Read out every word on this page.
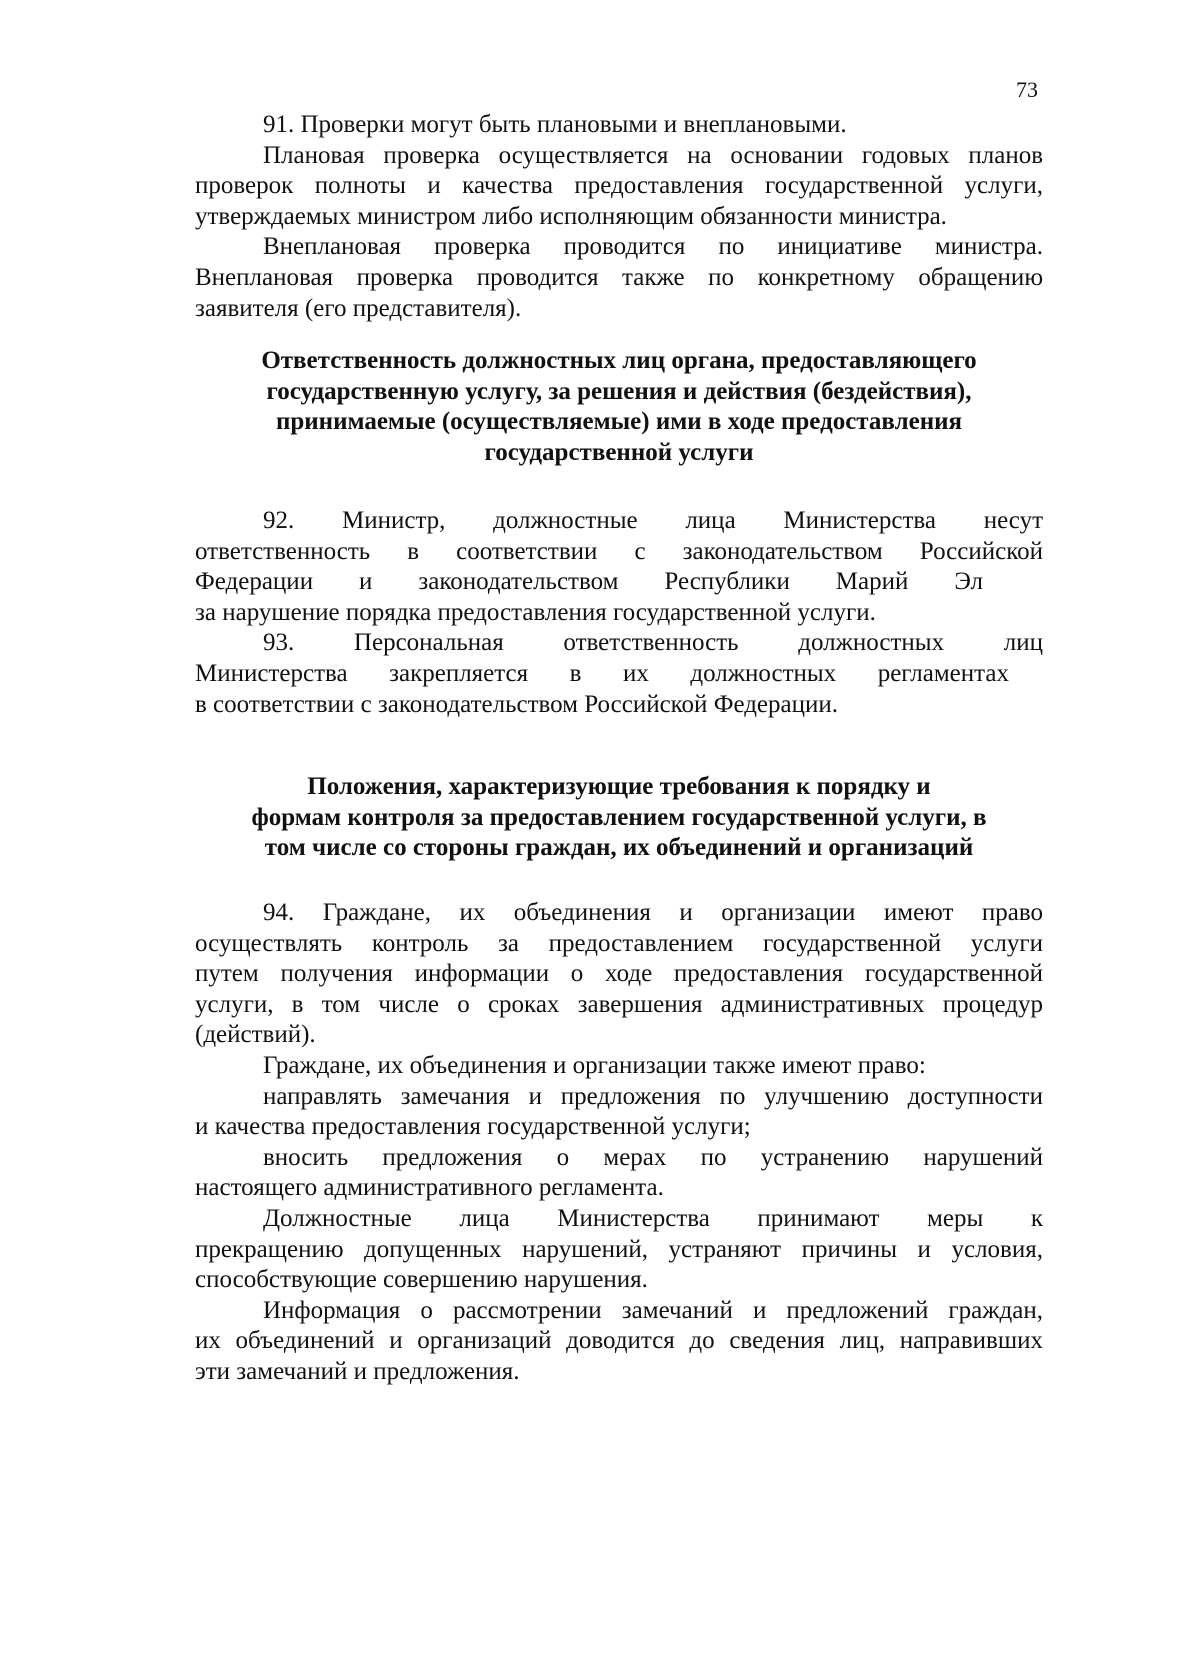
73

91. Проверки могут быть плановыми и внеплановыми.

Плановая проверка осуществляется на основании годовых планов
проверок полноты и качества предоставления государственной услуги,
утверждаемых министром либо исполняющим обязанности министра.

Внеплановая проверка проводится по инициативе министра.
Внеплановая проверка проводится также по конкретному обращению
заявителя (его представителя).

Ответственность должностных лиц органа, предоставляющего
государственную услугу, за решения и действия (бездействия),
принимаемые (осуществляемые) ими в ходе предоставления
государственной услуги

92. Министр, должностные лица Министерства несут
ответственность в соответствии с законодательством Российской
Федерации и законодательством Республики Марий Эл
за нарушение порядка предоставления государственной услуги.

93. Персональная ответственность должностных лиц
Министерства закрепляется в их должностных регламентах
в соответствии с законодательством Российской Федерации.

Положения, характеризующие требования к порядку и
формам контроля за предоставлением государственной услуги, в
том числе со стороны граждан, их объединений и организаций

94. Граждане, их объединения и организации имеют право
осуществлять контроль за предоставлением государственной услуги
путем получения информации о ходе предоставления государственной
услуги, в том числе о сроках завершения административных процедур
(действий).

Граждане, их объединения и организации также имеют право:

направлять замечания и предложения по улучшению доступности
и качества предоставления государственной услуги;

вносить предложения о мерах по устранению нарушений
настоящего административного регламента.

Должностные лица Министерства принимают меры к
прекращению допущенных нарушений, устраняют причины и условия,
способствующие совершению нарушения.

Информация о рассмотрении замечаний и предложений граждан,
их объединений и организаций доводится до сведения лиц, направивших
эти замечаний и предложения.
